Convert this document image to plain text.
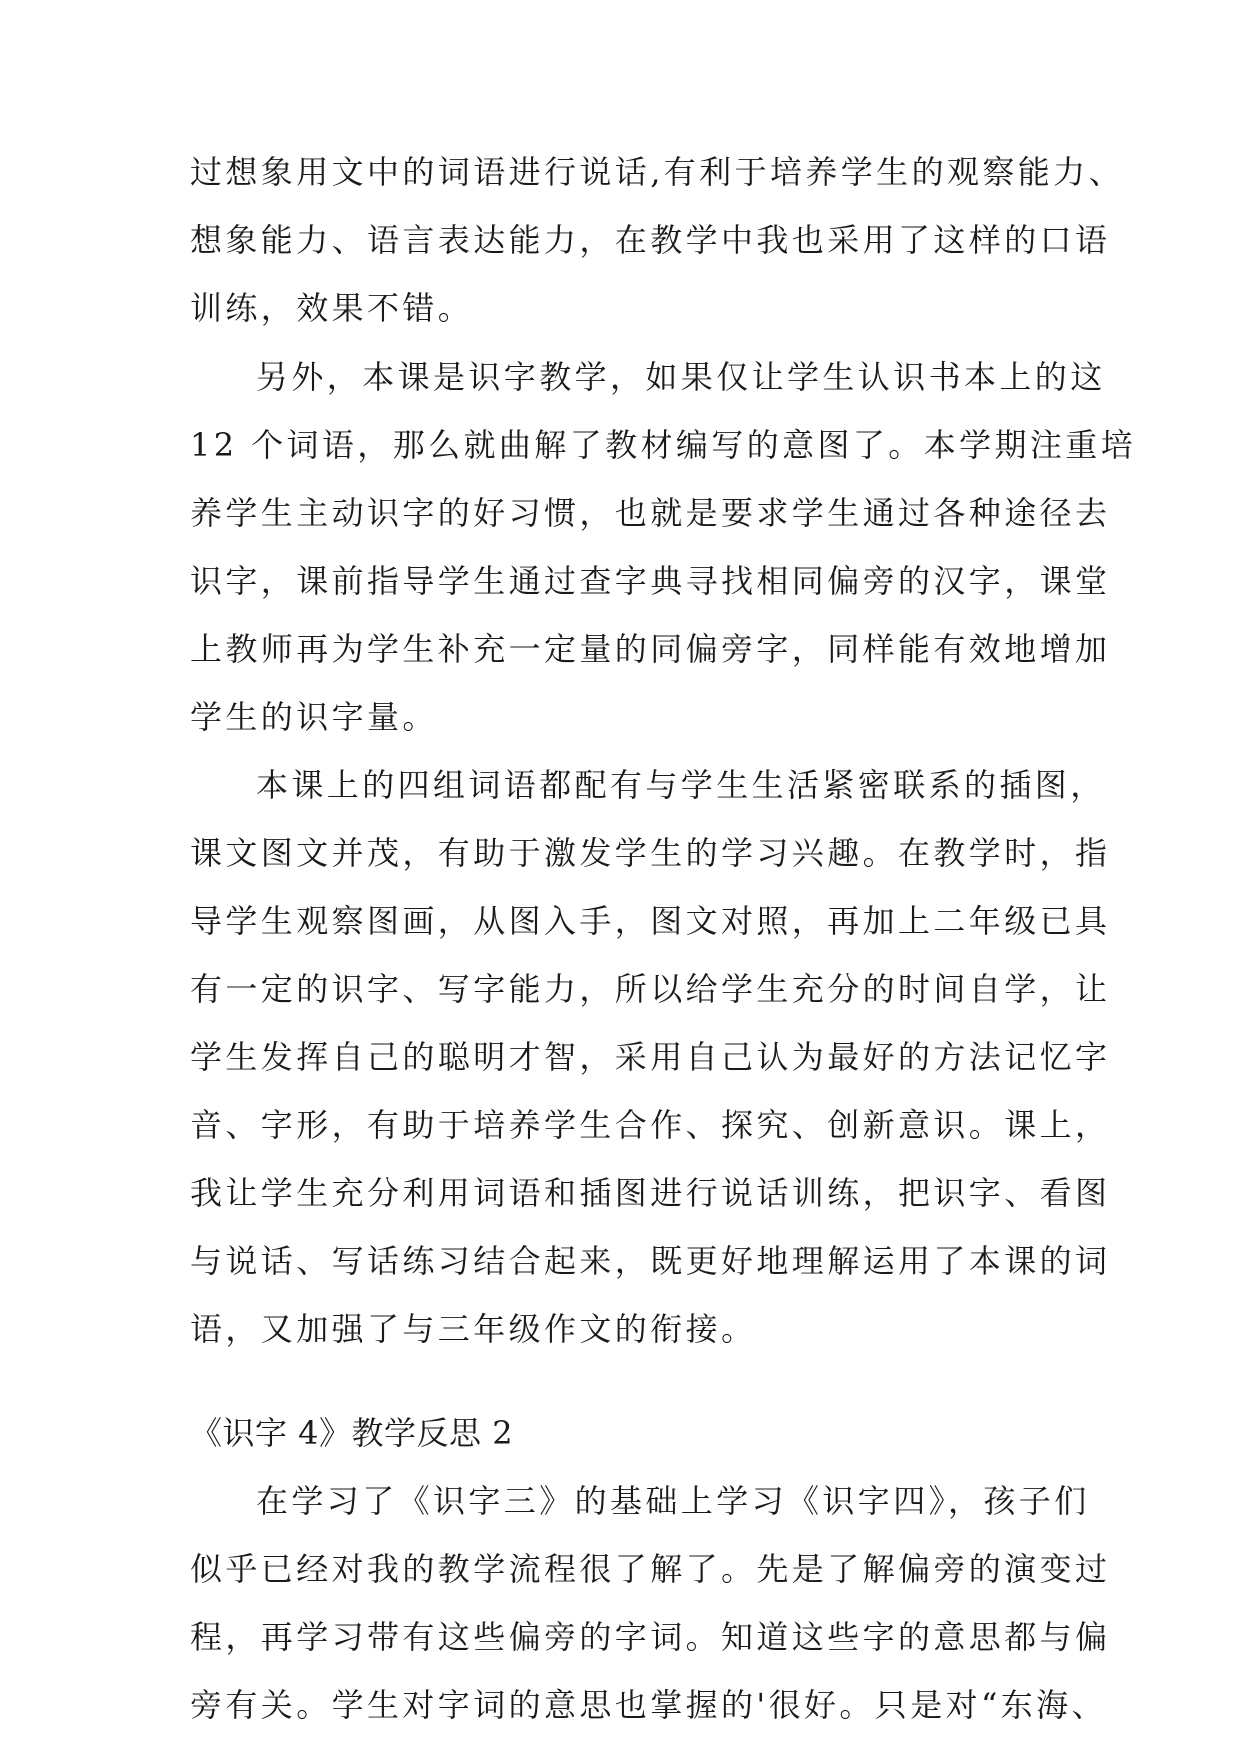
过想象用文中的词语进行说话,有利于培养学生的观察能力、
想象能力、语言表达能力，在教学中我也采用了这样的口语
训练，效果不错。
另外，本课是识字教学，如果仅让学生认识书本上的这
12 个词语，那么就曲解了教材编写的意图了。本学期注重培
养学生主动识字的好习惯，也就是要求学生通过各种途径去
识字，课前指导学生通过查字典寻找相同偏旁的汉字，课堂
上教师再为学生补充一定量的同偏旁字，同样能有效地增加
学生的识字量。
本课上的四组词语都配有与学生生活紧密联系的插图，
课文图文并茂，有助于激发学生的学习兴趣。在教学时，指
导学生观察图画，从图入手，图文对照，再加上二年级已具
有一定的识字、写字能力，所以给学生充分的时间自学，让
学生发挥自己的聪明才智，采用自己认为最好的方法记忆字
音、字形，有助于培养学生合作、探究、创新意识。课上，
我让学生充分利用词语和插图进行说话训练，把识字、看图
与说话、写话练习结合起来，既更好地理解运用了本课的词
语，又加强了与三年级作文的衔接。
《识字 4》教学反思 2
在学习了《识字三》的基础上学习《识字四》，孩子们
似乎已经对我的教学流程很了解了。先是了解偏旁的演变过
程，再学习带有这些偏旁的字词。知道这些字的意思都与偏
旁有关。学生对字词的意思也掌握的'很好。只是对“东海、
